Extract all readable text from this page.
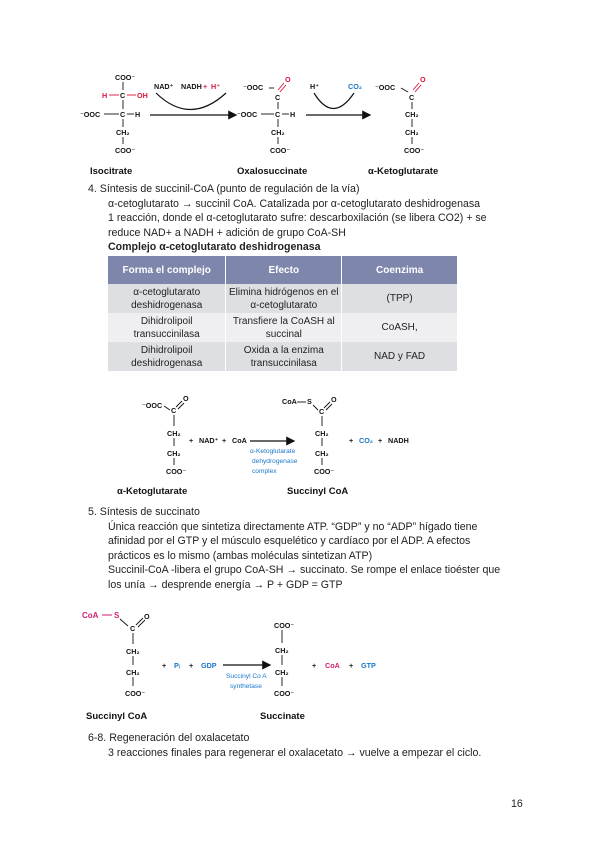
COO⁻
H C OH
⁻OOC	C H
CH₂
COO⁻
Isocitrate
NAD⁺ NADH + H⁺	⁻OOC
O
C
⁻OOC C H
CH₂
COO⁻
Oxalosuccinate
H⁺	CO₂ ⁻OOC
O
C
CH₂
CH₂
COO⁻
α-Ketoglutarate
4. Síntesis de succinil-CoA (punto de regulación de la vía)
α-cetoglutarato → succinil CoA. Catalizada por α-cetoglutarato deshidrogenasa
1 reacción, donde el α-cetoglutarato sufre: descarboxilación (se libera CO2) + se
reduce NAD+ a NADH + adición de grupo CoA-SH
Complejo α-cetoglutarato deshidrogenasa
Forma el complejo	Efecto	Coenzima
α-cetoglutarato deshidrogenasa	Elimina hidrógenos en el α-cetoglutarato	(TPP)
Dihidrolipoil transuccinilasa	Transfiere la CoASH al succinal	CoASH,
Dihidrolipoil deshidrogenasa	Oxida a la enzima transuccinilasa	NAD y FAD
⁻OOC
C
O
CH₂
CH₂
COO⁻
α-Ketoglutarate
+ NAD⁺ + CoA
α-Ketoglutarate
dehydrogenase
complex
CoA S
C
O
CH₂
CH₂
COO⁻
Succinyl CoA
+ CO₂ + NADH
5. Síntesis de succinato
Única reacción que sintetiza directamente ATP. “GDP” y no “ADP” hígado tiene
afinidad por el GTP y el músculo esquelético y cardíaco por el ADP. A efectos
prácticos es lo mismo (ambas moléculas sintetizan ATP)
Succinil-CoA -libera el grupo CoA-SH → succinato. Se rompe el enlace tioéster que
los unía → desprende energía → P + GDP = GTP
CoA S
C
O
CH₂
CH₂
COO⁻
Succinyl CoA
+ Pᵢ + GDP
Succinyl Co A
synthetase
COO⁻
CH₂
CH₂
COO⁻
Succinate
+ CoA + GTP
6-8. Regeneración del oxalacetato
3 reacciones finales para regenerar el oxalacetato → vuelve a empezar el ciclo.
16
